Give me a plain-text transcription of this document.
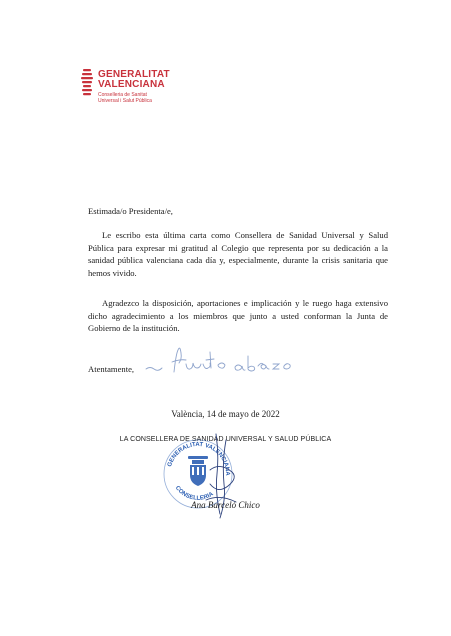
GENERALITAT
VALENCIANA
Conselleria de Sanitat
Universal i Salut Pública
Estimada/o Presidenta/e,
Le escribo esta última carta como Consellera de Sanidad Universal y Salud Pública para expresar mi gratitud al Colegio que representa por su dedicación a la sanidad pública valenciana cada día y, especialmente, durante la crisis sanitaria que hemos vivido.
Agradezco la disposición, aportaciones e implicación y le ruego haga extensivo dicho agradecimiento a los miembros que junto a usted conforman la Junta de Gobierno de la institución.
Atentamente,
València, 14 de mayo de 2022
LA CONSELLERA DE SANIDAD UNIVERSAL Y SALUD PÚBLICA
GENERALITAT VALENCIANA
CONSELLERIA
Ana Barceló Chico
